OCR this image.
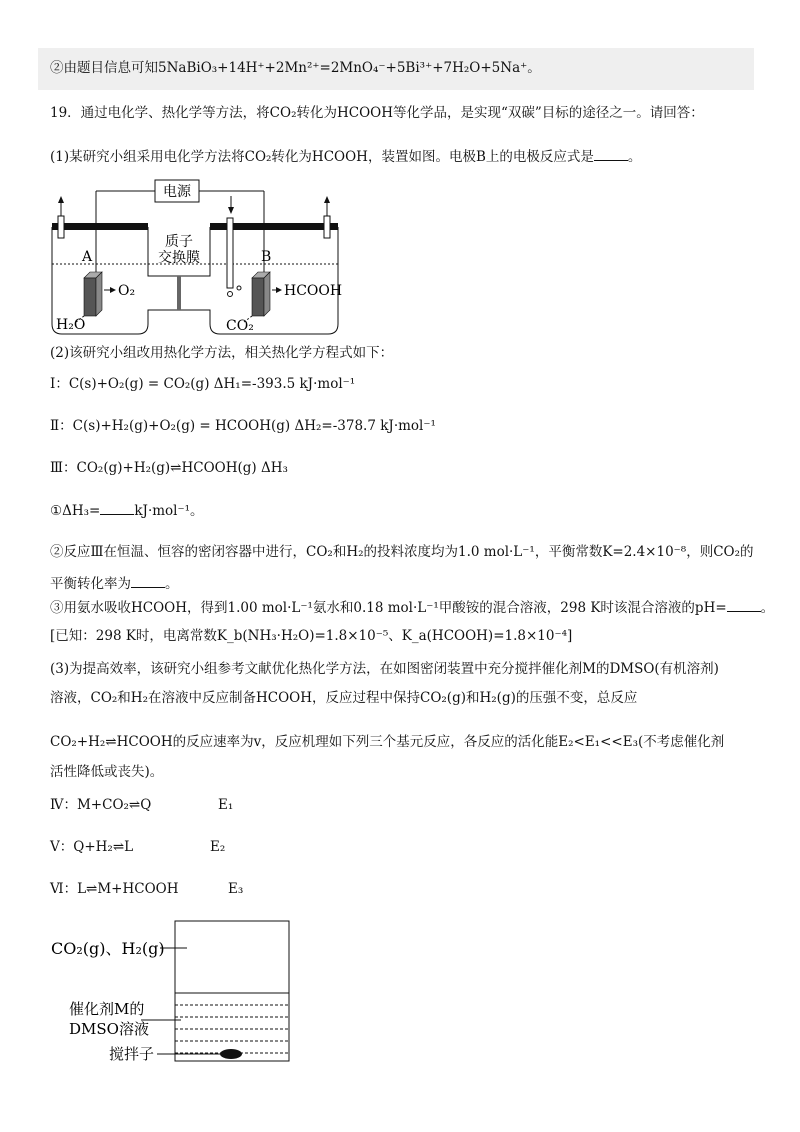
②由题目信息可知5NaBiO₃+14H⁺+2Mn²⁺=2MnO₄⁻+5Bi³⁺+7H₂O+5Na⁺。
19．通过电化学、热化学等方法，将CO₂转化为HCOOH等化学品，是实现“双碳”目标的途径之一。请回答：
(1)某研究小组采用电化学方法将CO₂转化为HCOOH，装置如图。电极B上的电极反应式是	。
电源
质子
交换膜
A	B
O₂	HCOOH
H₂O	CO₂
(2)该研究小组改用热化学方法，相关热化学方程式如下：
Ⅰ：C(s)+O₂(g) = CO₂(g) ΔH₁=-393.5 kJ·mol⁻¹
Ⅱ：C(s)+H₂(g)+O₂(g) = HCOOH(g) ΔH₂=-378.7 kJ·mol⁻¹
Ⅲ：CO₂(g)+H₂(g)⇌HCOOH(g) ΔH₃
①ΔH₃=	kJ·mol⁻¹。
②反应Ⅲ在恒温、恒容的密闭容器中进行，CO₂和H₂的投料浓度均为1.0 mol·L⁻¹，平衡常数K=2.4×10⁻⁸，则CO₂的
平衡转化率为	。
③用氨水吸收HCOOH，得到1.00 mol·L⁻¹氨水和0.18 mol·L⁻¹甲酸铵的混合溶液，298 K时该混合溶液的pH=	。
[已知：298 K时，电离常数K_b(NH₃·H₂O)=1.8×10⁻⁵、K_a(HCOOH)=1.8×10⁻⁴]
(3)为提高效率，该研究小组参考文献优化热化学方法，在如图密闭装置中充分搅拌催化剂M的DMSO(有机溶剂)
溶液，CO₂和H₂在溶液中反应制备HCOOH，反应过程中保持CO₂(g)和H₂(g)的压强不变，总反应
CO₂+H₂⇌HCOOH的反应速率为v，反应机理如下列三个基元反应，各反应的活化能E₂<E₁<<E₃(不考虑催化剂
活性降低或丧失)。
Ⅳ：M+CO₂⇌Q	E₁
Ⅴ：Q+H₂⇌L	E₂
Ⅵ：L⇌M+HCOOH	E₃
CO₂(g)、H₂(g)
催化剂M的
DMSO溶液
搅拌子
